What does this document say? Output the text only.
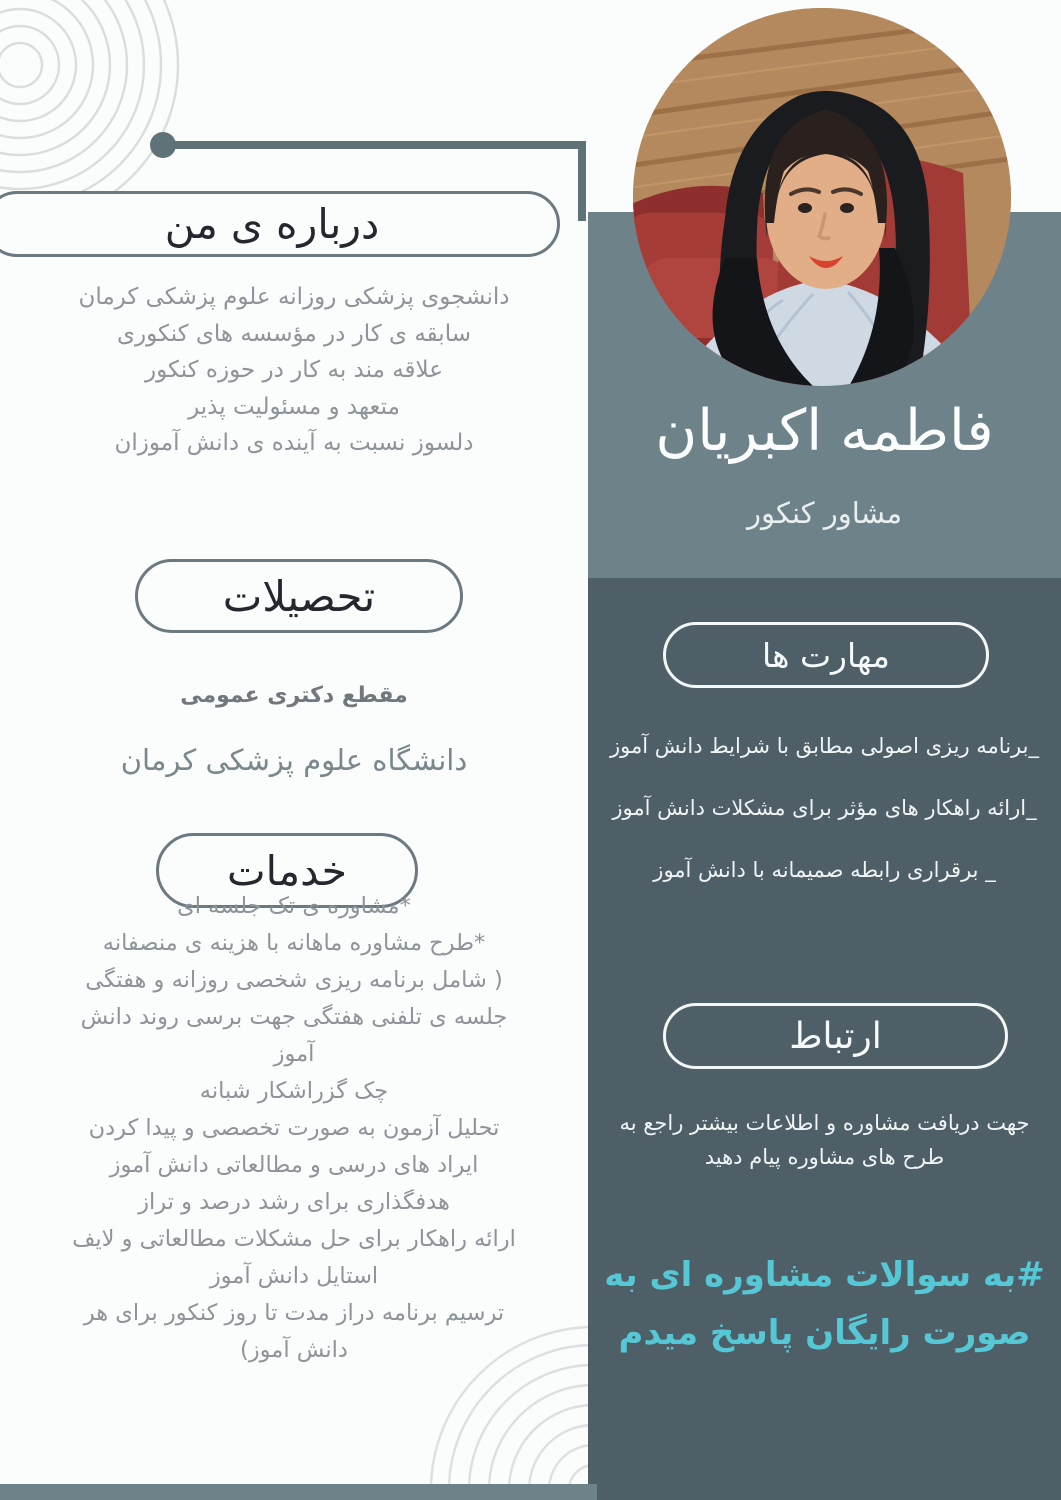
فاطمه اکبریان
مشاور کنکور
درباره ی من
دانشجوی پزشکی روزانه علوم پزشکی کرمان
سابقه ی کار در مؤسسه های کنکوری
علاقه مند به کار در حوزه کنکور
متعهد و مسئولیت پذیر
دلسوز نسبت به آینده ی دانش آموزان
تحصیلات
مقطع دکتری عمومی
دانشگاه علوم پزشکی کرمان
خدمات
*مشاوره ی تک جلسه ای
*طرح مشاوره ماهانه با هزینه ی منصفانه
( شامل برنامه ریزی شخصی روزانه و هفتگی
جلسه ی تلفنی هفتگی جهت برسی روند دانش
آموز
چک گزراشکار شبانه
تحلیل آزمون به صورت تخصصی و پیدا کردن
ایراد های درسی و مطالعاتی دانش آموز
هدفگذاری برای رشد درصد و تراز
ارائه راهکار برای حل مشکلات مطالعاتی و لایف
استایل دانش آموز
ترسیم برنامه دراز مدت تا روز کنکور برای هر
دانش آموز)
مهارت ها
_برنامه ریزی اصولی مطابق با شرایط دانش آموز
_ارائه راهکار های مؤثر برای مشکلات دانش آموز
_ برقراری رابطه صمیمانه با دانش آموز
ارتباط
جهت دریافت مشاوره و اطلاعات بیشتر راجع به
طرح های مشاوره پیام دهید
#به سوالات مشاوره ای به
صورت رایگان پاسخ میدم
